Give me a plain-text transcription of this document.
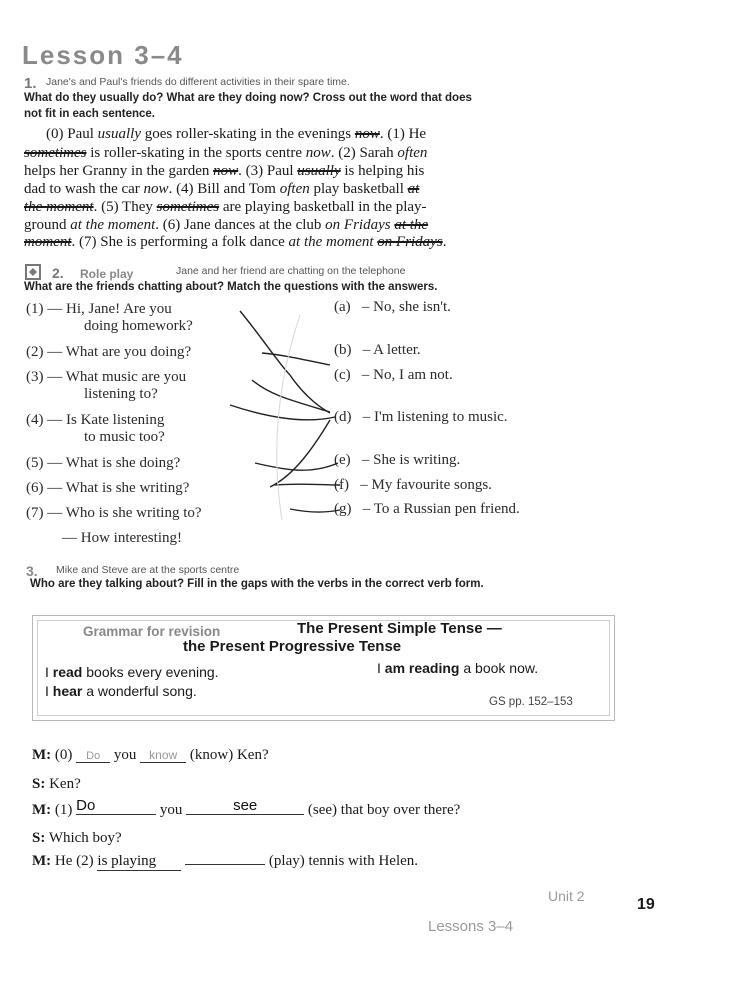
Lesson 3–4
1. Jane's and Paul's friends do different activities in their spare time.
What do they usually do? What are they doing now? Cross out the word that does
not fit in each sentence.
(0) Paul usually goes roller-skating in the evenings now. (1) He
sometimes is roller-skating in the sports centre now. (2) Sarah often
helps her Granny in the garden now. (3) Paul usually is helping his
dad to wash the car now. (4) Bill and Tom often play basketball at
the moment. (5) They sometimes are playing basketball in the play-
ground at the moment. (6) Jane dances at the club on Fridays at the
moment. (7) She is performing a folk dance at the moment on Fridays.
2. Role play	Jane and her friend are chatting on the telephone
What are the friends chatting about? Match the questions with the answers.
(1) — Hi, Jane! Are you
doing homework?
(2) — What are you doing?
(3) — What music are you
listening to?
(4) — Is Kate listening
to music too?
(5) — What is she doing?
(6) — What is she writing?
(7) — Who is she writing to?
— How interesting!
(a) – No, she isn't.
(b) – A letter.
(c) – No, I am not.
(d) – I'm listening to music.
(e) – She is writing.
(f) – My favourite songs.
(g) – To a Russian pen friend.
3. Mike and Steve are at the sports centre
Who are they talking about? Fill in the gaps with the verbs in the correct verb form.
Grammar for revision	The Present Simple Tense —
the Present Progressive Tense
I read books every evening.
I hear a wonderful song.
I am reading a book now.
GS pp. 152–153
M: (0) Do you know (know) Ken?
S: Ken?
M: (1) Do	you	see	(see) that boy over there?
S: Which boy?
M: He (2) is playing	(play) tennis with Helen.
Unit 2
Lessons 3–4
19
